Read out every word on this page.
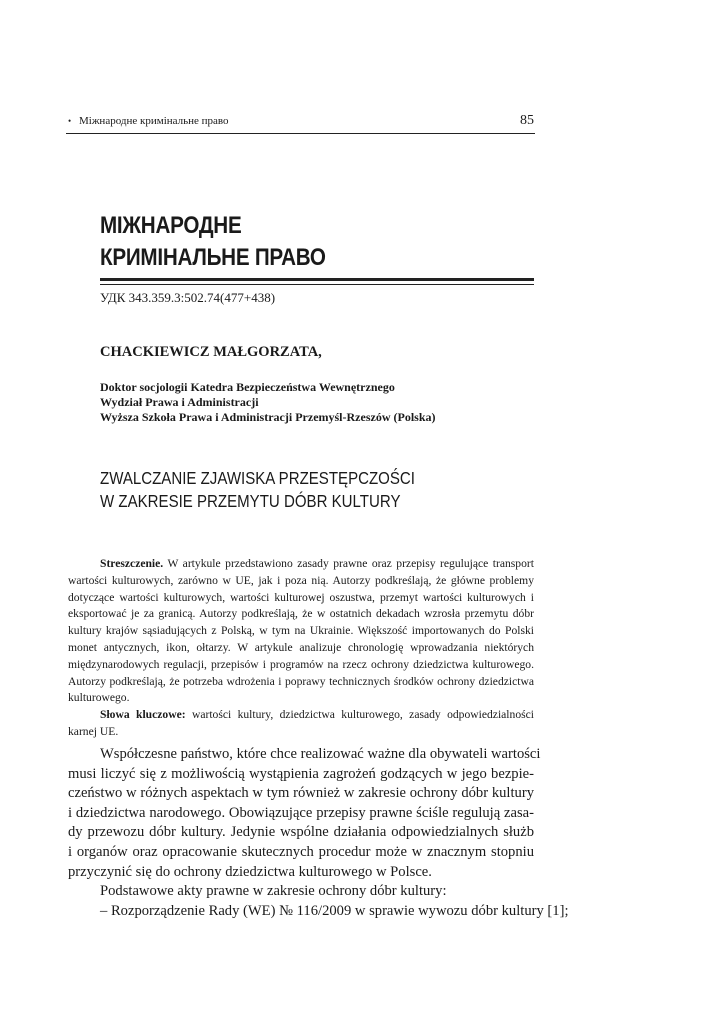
• Міжнародне кримінальне право	85
МІЖНАРОДНЕ
КРИМІНАЛЬНЕ ПРАВО
УДК 343.359.3:502.74(477+438)
CHACKIEWICZ MAŁGORZATA,
Doktor socjologii Katedra Bezpieczeństwa Wewnętrznego
Wydział Prawa i Administracji
Wyższa Szkoła Prawa i Administracji Przemyśl-Rzeszów (Polska)
ZWALCZANIE ZJAWISKA PRZESTĘPCZOŚCI
W ZAKRESIE PRZEMYTU DÓBR KULTURY
Streszczenie. W artykule przedstawiono zasady prawne oraz przepisy regulujące transport
wartości kulturowych, zarówno w UE, jak i poza nią. Autorzy podkreślają, że główne problemy
dotyczące wartości kulturowych, wartości kulturowej oszustwa, przemyt wartości kulturowych i
eksportować je za granicą. Autorzy podkreślają, że w ostatnich dekadach wzrosła przemytu dóbr
kultury krajów sąsiadujących z Polską, w tym na Ukrainie. Większość importowanych do Polski
monet antycznych, ikon, ołtarzy. W artykule analizuje chronologię wprowadzania niektórych
międzynarodowych regulacji, przepisów i programów na rzecz ochrony dziedzictwa kulturowego.
Autorzy podkreślają, że potrzeba wdrożenia i poprawy technicznych środków ochrony dziedzictwa
kulturowego.
Słowa kluczowe: wartości kultury, dziedzictwa kulturowego, zasady odpowiedzialności
karnej UE.
Współczesne państwo, które chce realizować ważne dla obywateli wartości
musi liczyć się z możliwością wystąpienia zagrożeń godzących w jego bezpie-
czeństwo w różnych aspektach w tym również w zakresie ochrony dóbr kultury
i dziedzictwa narodowego. Obowiązujące przepisy prawne ściśle regulują zasa-
dy przewozu dóbr kultury. Jedynie wspólne działania odpowiedzialnych służb
i organów oraz opracowanie skutecznych procedur może w znacznym stopniu
przyczynić się do ochrony dziedzictwa kulturowego w Polsce.
Podstawowe akty prawne w zakresie ochrony dóbr kultury:
– Rozporządzenie Rady (WE) № 116/2009 w sprawie wywozu dóbr kultury [1];
